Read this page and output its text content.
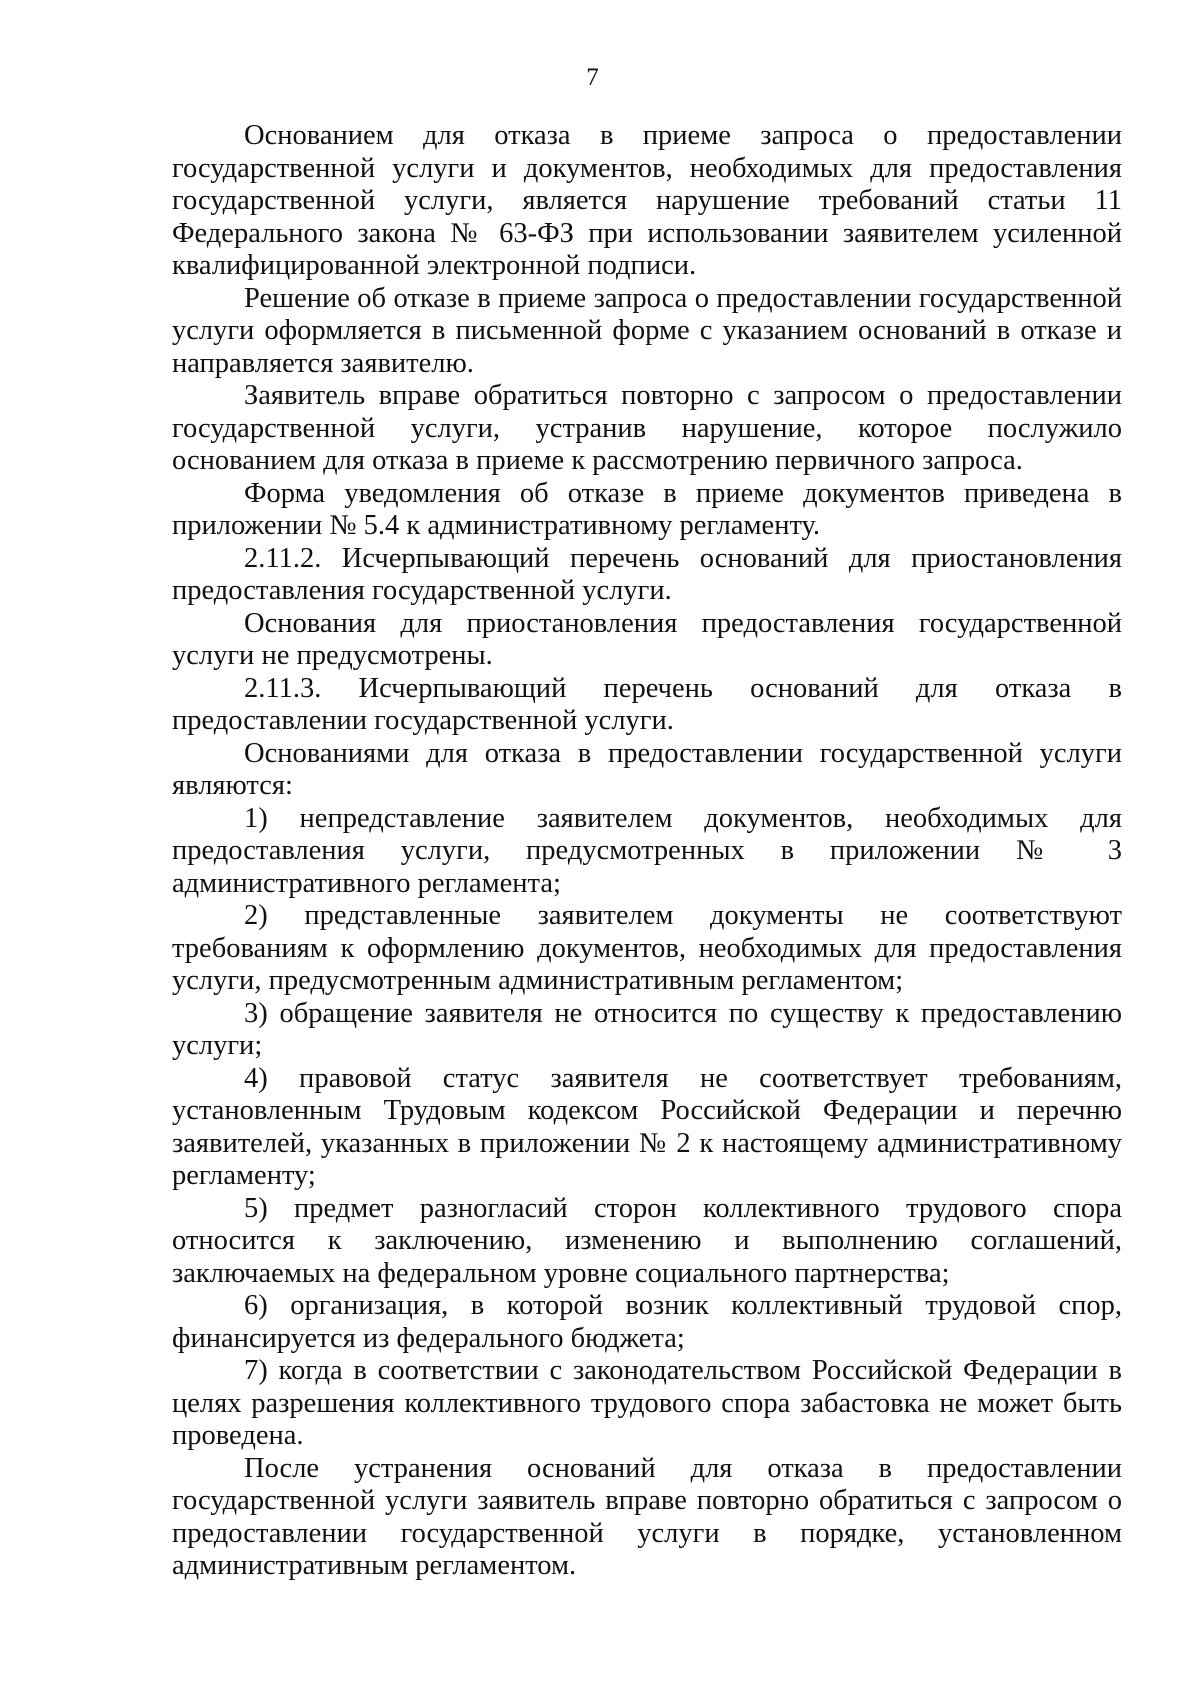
7

Основанием для отказа в приеме запроса о предоставлении государственной услуги и документов, необходимых для предоставления государственной услуги, является нарушение требований статьи 11 Федерального закона № 63-ФЗ при использовании заявителем усиленной квалифицированной электронной подписи.

Решение об отказе в приеме запроса о предоставлении государственной услуги оформляется в письменной форме с указанием оснований в отказе и направляется заявителю.

Заявитель вправе обратиться повторно с запросом о предоставлении государственной услуги, устранив нарушение, которое послужило основанием для отказа в приеме к рассмотрению первичного запроса.

Форма уведомления об отказе в приеме документов приведена в приложении № 5.4 к административному регламенту.

2.11.2. Исчерпывающий перечень оснований для приостановления предоставления государственной услуги.

Основания для приостановления предоставления государственной услуги не предусмотрены.

2.11.3. Исчерпывающий перечень оснований для отказа в предоставлении государственной услуги.

Основаниями для отказа в предоставлении государственной услуги являются:

1) непредставление заявителем документов, необходимых для предоставления услуги, предусмотренных в приложении № 3 административного регламента;

2) представленные заявителем документы не соответствуют требованиям к оформлению документов, необходимых для предоставления услуги, предусмотренным административным регламентом;

3) обращение заявителя не относится по существу к предоставлению услуги;

4) правовой статус заявителя не соответствует требованиям, установленным Трудовым кодексом Российской Федерации и перечню заявителей, указанных в приложении № 2 к настоящему административному регламенту;

5) предмет разногласий сторон коллективного трудового спора относится к заключению, изменению и выполнению соглашений, заключаемых на федеральном уровне социального партнерства;

6) организация, в которой возник коллективный трудовой спор, финансируется из федерального бюджета;

7) когда в соответствии с законодательством Российской Федерации в целях разрешения коллективного трудового спора забастовка не может быть проведена.

После устранения оснований для отказа в предоставлении государственной услуги заявитель вправе повторно обратиться с запросом о предоставлении государственной услуги в порядке, установленном административным регламентом.
